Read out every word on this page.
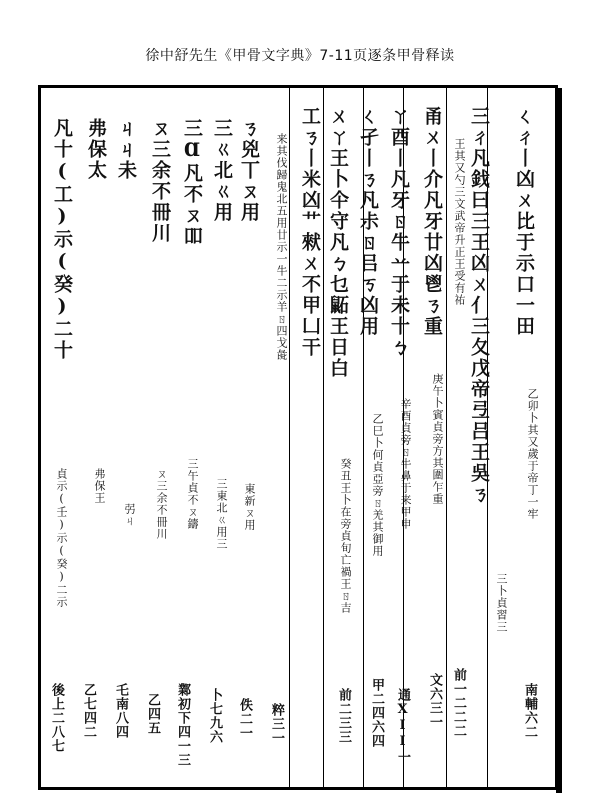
徐中舒先生《甲骨文字典》7-11页逐条甲骨释读
ㄑㄔ丨凶ㄨ比于示口一田
乙卯卜其又歲于帝丁一牢
南輔六二
三ㄔ凡鈛曰三王凶ㄨ亻三夂戊帝弖吕王吳ㄋ
三卜貞習三
王其又勺三文武帝升正王受有祐
前一二二二
甬ㄨ丨介凡牙廿凶鬯ㄋ重
庚午卜賓貞旁方其圍乍重
文六三一
ㄚ酉丨凡牙ㄖ牛䒑于未十ㄅ
辛酉貞旁ㄖ牛鼻于来甲申
通XII一
ㄑ孑丨ㄋ凡尗ㄖ㠯ㄎ凶用
乙巳卜何貞亞旁ㄖ羌其御用
甲二四六四
ㄨㄚ王卜仐守凡ㄅ乜鼫王日白
癸丑王卜在旁貞旬亡禍王ㄖ吉
前二三三
工ㄋ丨米凶艹猌ㄨ不甲凵干
来其伐歸鬼北五用廿示一牛二示羊ㄖ四戈彘
ㄋ兇丅ㄡ用
東新ㄡ用
粹三一
三ㄍ北ㄍ用
三東北ㄍ用三
佚二一
三Ɑ凡不ㄡ吅
三午貞不ㄡ鑄
卜七九六
ㄡ三余不冊川
ㄡ三余不冊川
鄴初下四一三
ㄐㄐ未
弜ㄐ
乙四五
弗保太
弗保王
乇南八四
凡十(工)示(癸)二十
貞示(壬)示(癸)二示
乙七四二
後上二八七
